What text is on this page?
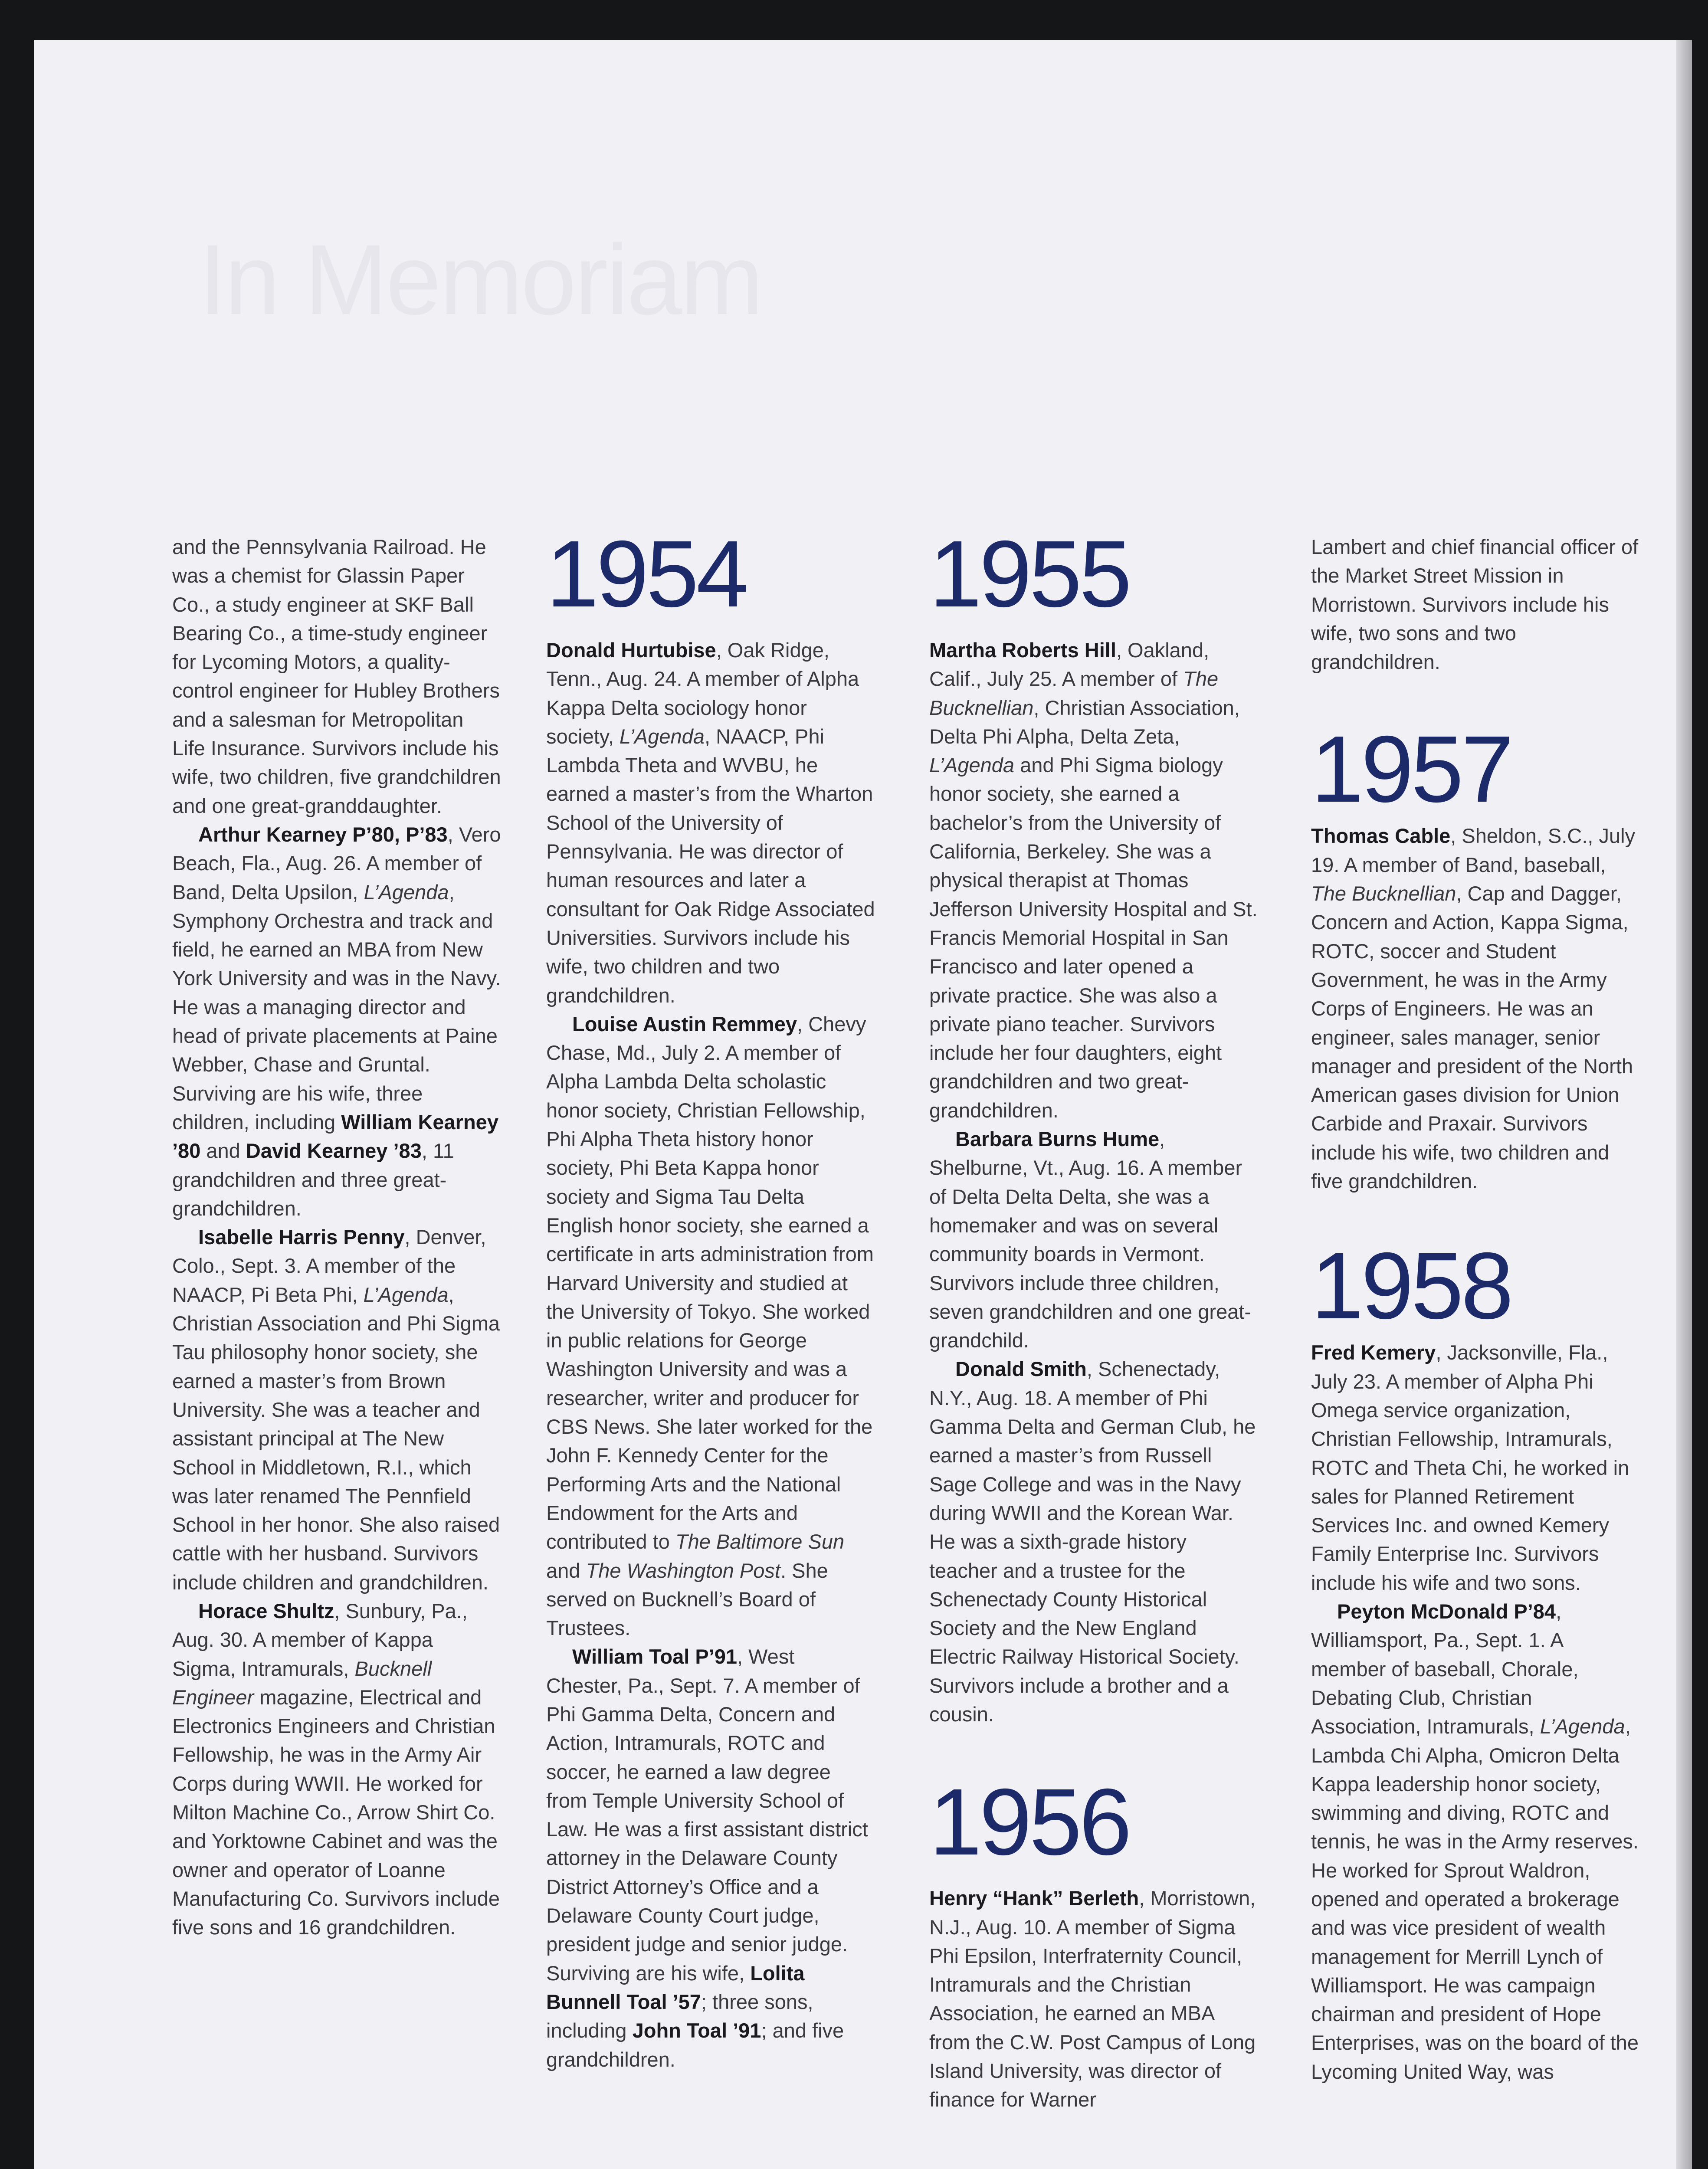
In Memoriam

and the Pennsylvania Railroad. He was a chemist for Glassin Paper Co., a study engineer at SKF Ball Bearing Co., a time-study engineer for Lycoming Motors, a quality-control engineer for Hubley Brothers and a salesman for Metropolitan Life Insurance. Survivors include his wife, two children, five grandchildren and one great-granddaughter.

Arthur Kearney P’80, P’83, Vero Beach, Fla., Aug. 26. A member of Band, Delta Upsilon, L’Agenda, Symphony Orchestra and track and field, he earned an MBA from New York University and was in the Navy. He was a managing director and head of private placements at Paine Webber, Chase and Gruntal. Surviving are his wife, three children, including William Kearney ’80 and David Kearney ’83, 11 grandchildren and three great-grandchildren.

Isabelle Harris Penny, Denver, Colo., Sept. 3. A member of the NAACP, Pi Beta Phi, L’Agenda, Christian Association and Phi Sigma Tau philosophy honor society, she earned a master’s from Brown University. She was a teacher and assistant principal at The New School in Middletown, R.I., which was later renamed The Pennfield School in her honor. She also raised cattle with her husband. Survivors include children and grandchildren.

Horace Shultz, Sunbury, Pa., Aug. 30. A member of Kappa Sigma, Intramurals, Bucknell Engineer magazine, Electrical and Electronics Engineers and Christian Fellowship, he was in the Army Air Corps during WWII. He worked for Milton Machine Co., Arrow Shirt Co. and Yorktowne Cabinet and was the owner and operator of Loanne Manufacturing Co. Survivors include five sons and 16 grandchildren.

1954

Donald Hurtubise, Oak Ridge, Tenn., Aug. 24. A member of Alpha Kappa Delta sociology honor society, L’Agenda, NAACP, Phi Lambda Theta and WVBU, he earned a master’s from the Wharton School of the University of Pennsylvania. He was director of human resources and later a consultant for Oak Ridge Associated Universities. Survivors include his wife, two children and two grandchildren.

Louise Austin Remmey, Chevy Chase, Md., July 2. A member of Alpha Lambda Delta scholastic honor society, Christian Fellowship, Phi Alpha Theta history honor society, Phi Beta Kappa honor society and Sigma Tau Delta English honor society, she earned a certificate in arts administration from Harvard University and studied at the University of Tokyo. She worked in public relations for George Washington University and was a researcher, writer and producer for CBS News. She later worked for the John F. Kennedy Center for the Performing Arts and the National Endowment for the Arts and contributed to The Baltimore Sun and The Washington Post. She served on Bucknell’s Board of Trustees.

William Toal P’91, West Chester, Pa., Sept. 7. A member of Phi Gamma Delta, Concern and Action, Intramurals, ROTC and soccer, he earned a law degree from Temple University School of Law. He was a first assistant district attorney in the Delaware County District Attorney’s Office and a Delaware County Court judge, president judge and senior judge. Surviving are his wife, Lolita Bunnell Toal ’57; three sons, including John Toal ’91; and five grandchildren.

1955

Martha Roberts Hill, Oakland, Calif., July 25. A member of The Bucknellian, Christian Association, Delta Phi Alpha, Delta Zeta, L’Agenda and Phi Sigma biology honor society, she earned a bachelor’s from the University of California, Berkeley. She was a physical therapist at Thomas Jefferson University Hospital and St. Francis Memorial Hospital in San Francisco and later opened a private practice. She was also a private piano teacher. Survivors include her four daughters, eight grandchildren and two great-grandchildren.

Barbara Burns Hume, Shelburne, Vt., Aug. 16. A member of Delta Delta Delta, she was a homemaker and was on several community boards in Vermont. Survivors include three children, seven grandchildren and one great-grandchild.

Donald Smith, Schenectady, N.Y., Aug. 18. A member of Phi Gamma Delta and German Club, he earned a master’s from Russell Sage College and was in the Navy during WWII and the Korean War. He was a sixth-grade history teacher and a trustee for the Schenectady County Historical Society and the New England Electric Railway Historical Society. Survivors include a brother and a cousin.

1956

Henry “Hank” Berleth, Morristown, N.J., Aug. 10. A member of Sigma Phi Epsilon, Interfraternity Council, Intramurals and the Christian Association, he earned an MBA from the C.W. Post Campus of Long Island University, was director of finance for Warner

Lambert and chief financial officer of the Market Street Mission in Morristown. Survivors include his wife, two sons and two grandchildren.

1957

Thomas Cable, Sheldon, S.C., July 19. A member of Band, baseball, The Bucknellian, Cap and Dagger, Concern and Action, Kappa Sigma, ROTC, soccer and Student Government, he was in the Army Corps of Engineers. He was an engineer, sales manager, senior manager and president of the North American gases division for Union Carbide and Praxair. Survivors include his wife, two children and five grandchildren.

1958

Fred Kemery, Jacksonville, Fla., July 23. A member of Alpha Phi Omega service organization, Christian Fellowship, Intramurals, ROTC and Theta Chi, he worked in sales for Planned Retirement Services Inc. and owned Kemery Family Enterprise Inc. Survivors include his wife and two sons.

Peyton McDonald P’84, Williamsport, Pa., Sept. 1. A member of baseball, Chorale, Debating Club, Christian Association, Intramurals, L’Agenda, Lambda Chi Alpha, Omicron Delta Kappa leadership honor society, swimming and diving, ROTC and tennis, he was in the Army reserves. He worked for Sprout Waldron, opened and operated a brokerage and was vice president of wealth management for Merrill Lynch of Williamsport. He was campaign chairman and president of Hope Enterprises, was on the board of the Lycoming United Way, was
